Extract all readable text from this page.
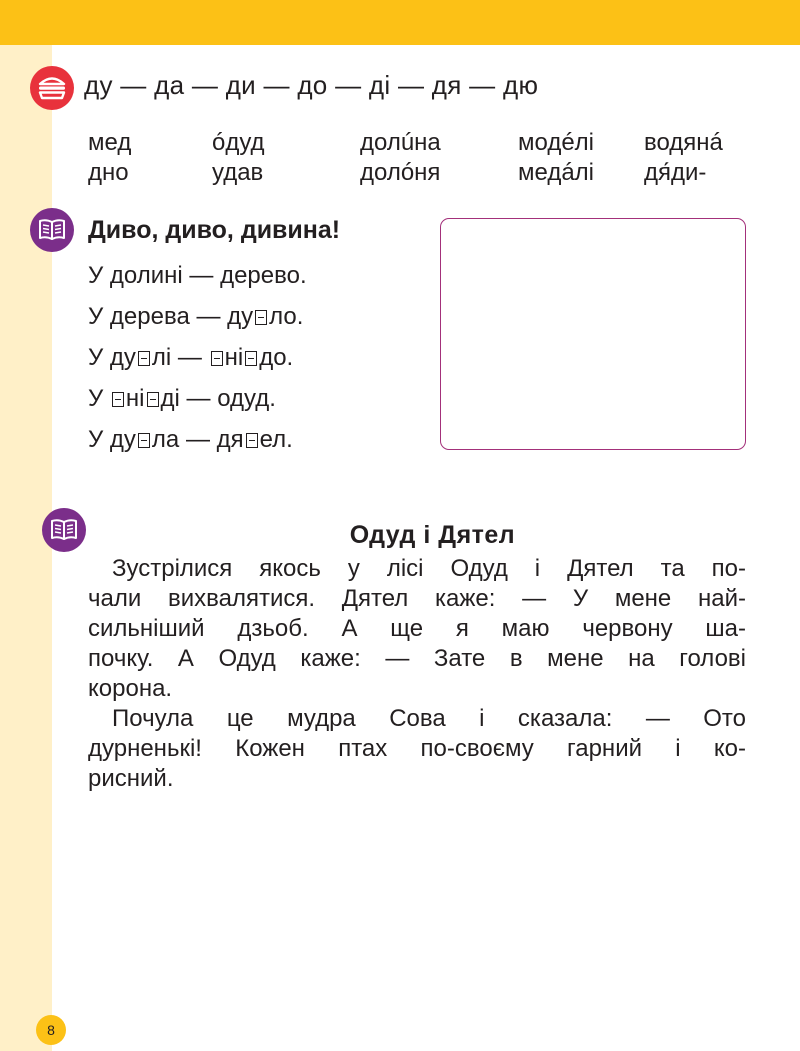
ду — да — ди — до — ді — дя — дю
мед	óдуд	долúна	модéлі	водянá
дно	удав	долóня	медáлі	дя́ди-
Диво, диво, дивина!
У долині — дерево.
У дерева — ду ло.
У ду лі — ні до.
У ні ді — одуд.
У ду ла — дя ел.
Одуд і Дятел
Зустрілися якось у лісі Одуд і Дятел та по-
чали вихвалятися. Дятел каже: — У мене най-
сильніший дзьоб. А ще я маю червону ша-
почку. А Одуд каже: — Зате в мене на голові
корона.
Почула це мудра Сова і сказала: — Ото
дурненькі! Кожен птах по-своєму гарний і ко-
рисний.
8
